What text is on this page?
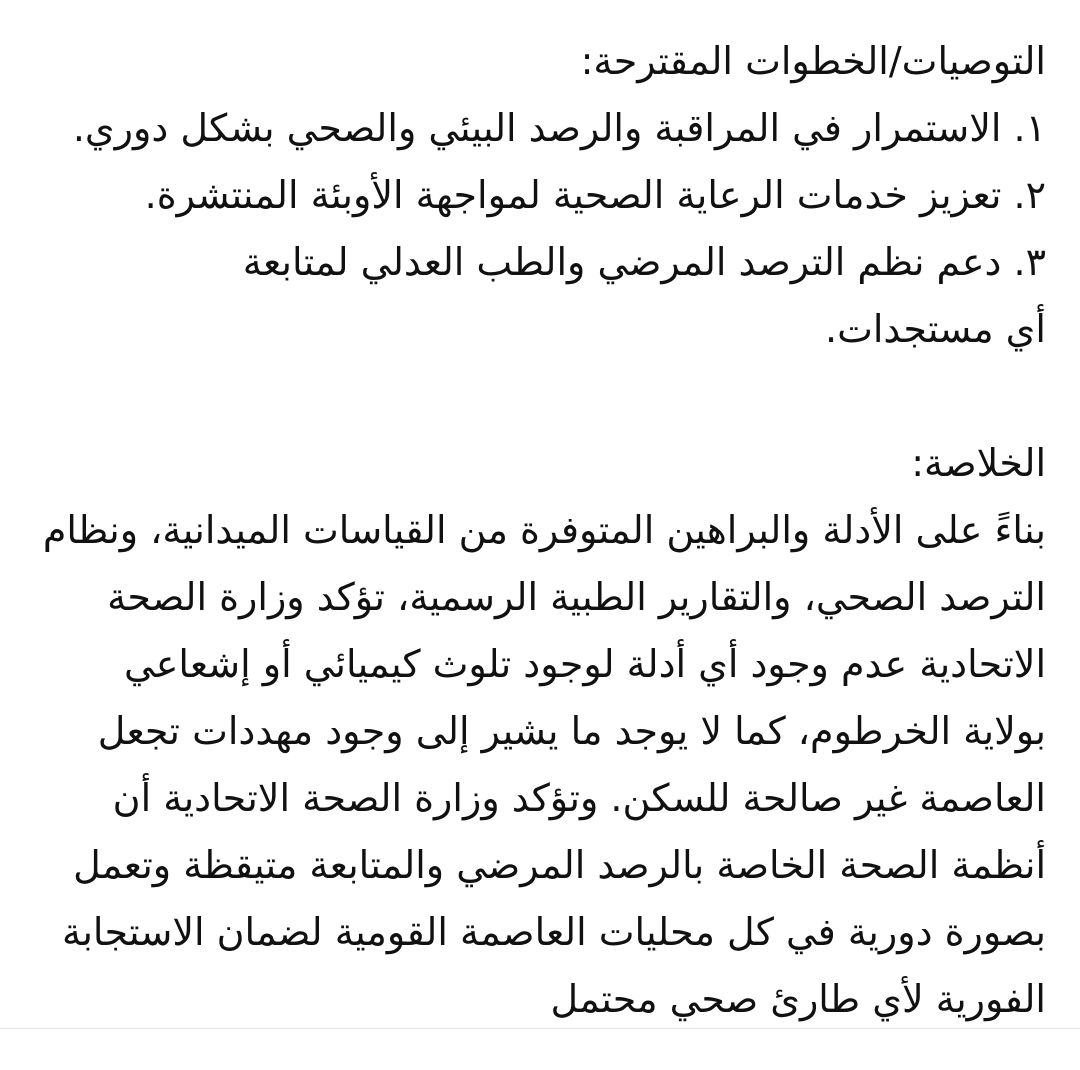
التوصيات/الخطوات المقترحة:

١. الاستمرار في المراقبة والرصد البيئي والصحي بشكل دوري.

٢. تعزيز خدمات الرعاية الصحية لمواجهة الأوبئة المنتشرة.

٣. دعم نظم الترصد المرضي والطب العدلي لمتابعة أي مستجدات.

الخلاصة:

بناءً على الأدلة والبراهين المتوفرة من القياسات الميدانية، ونظام الترصد الصحي، والتقارير الطبية الرسمية، تؤكد وزارة الصحة الاتحادية عدم وجود أي أدلة لوجود تلوث كيميائي أو إشعاعي بولاية الخرطوم، كما لا يوجد ما يشير إلى وجود مهددات تجعل العاصمة غير صالحة للسكن. وتؤكد وزارة الصحة الاتحادية أن أنظمة الصحة الخاصة بالرصد المرضي والمتابعة متيقظة وتعمل بصورة دورية في كل محليات العاصمة القومية لضمان الاستجابة الفورية لأي طارئ صحي محتمل
